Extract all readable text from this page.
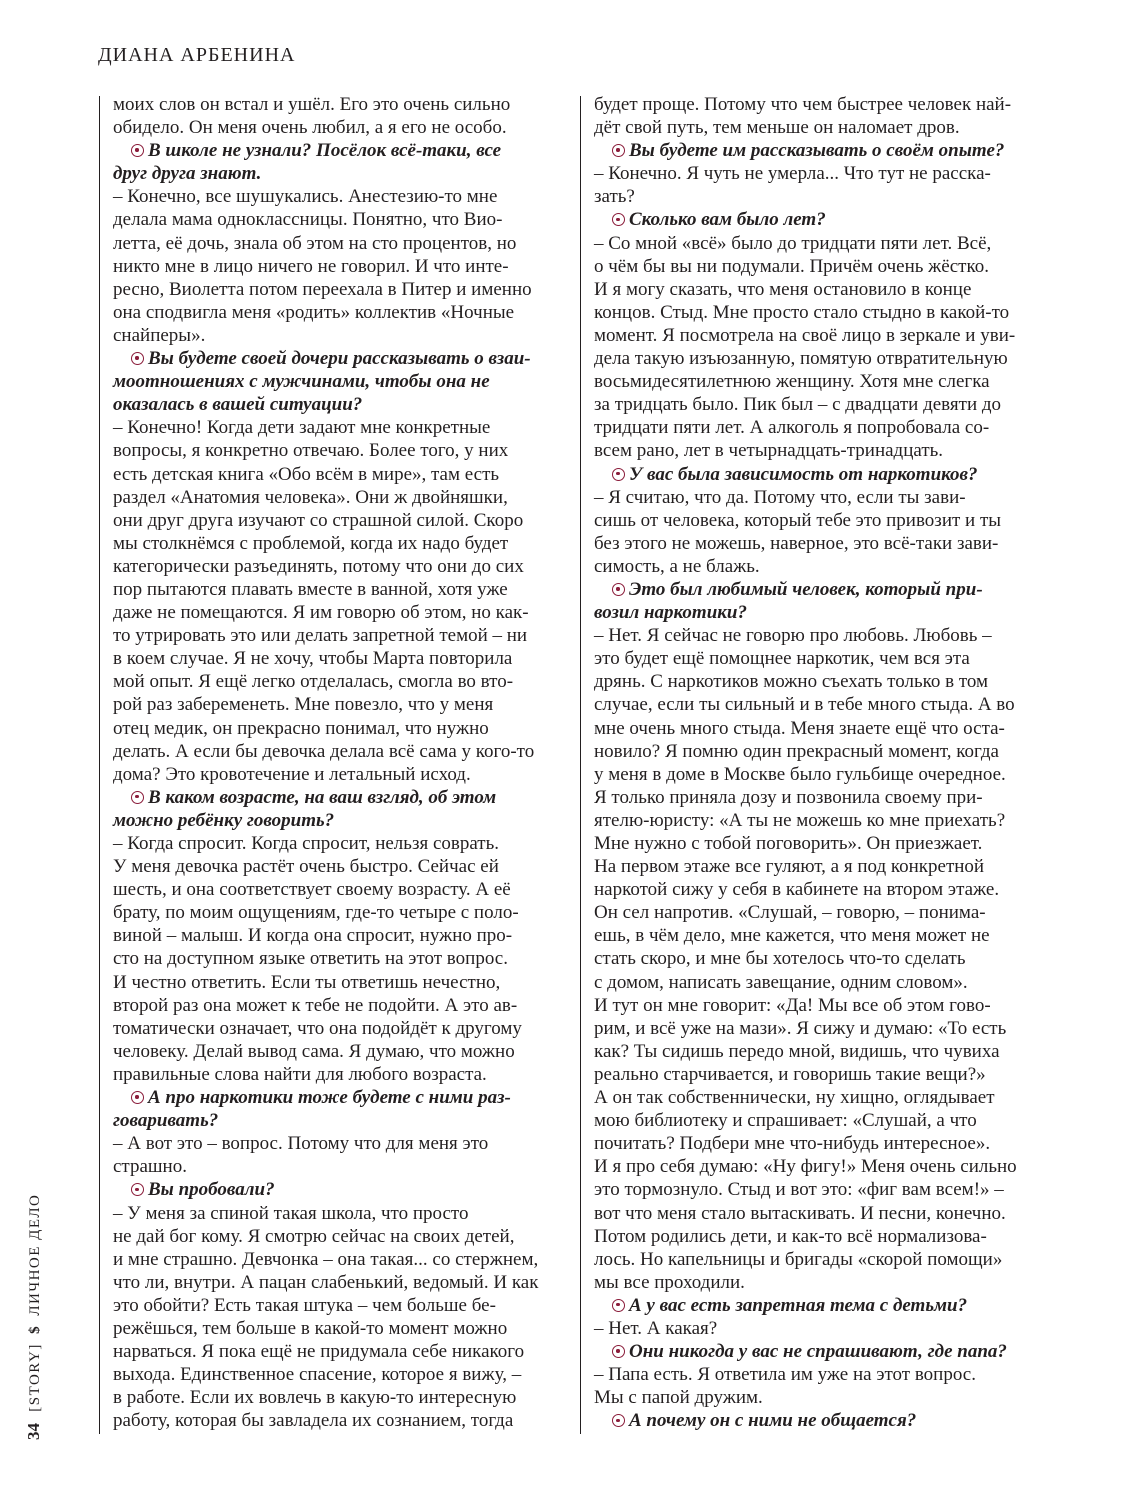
ДИАНА АРБЕНИНА
моих слов он встал и ушёл. Его это очень сильно
обидело. Он меня очень любил, а я его не особо.
В школе не узнали? Посёлок всё-таки, все
друг друга знают.
– Конечно, все шушукались. Анестезию-то мне
делала мама одноклассницы. Понятно, что Вио-
летта, её дочь, знала об этом на сто процентов, но
никто мне в лицо ничего не говорил. И что инте-
ресно, Виолетта потом переехала в Питер и именно
она сподвигла меня «родить» коллектив «Ночные
снайперы».
Вы будете своей дочери рассказывать о взаи-
моотношениях с мужчинами, чтобы она не
оказалась в вашей ситуации?
– Конечно! Когда дети задают мне конкретные
вопросы, я конкретно отвечаю. Более того, у них
есть детская книга «Обо всём в мире», там есть
раздел «Анатомия человека». Они ж двойняшки,
они друг друга изучают со страшной силой. Скоро
мы столкнёмся с проблемой, когда их надо будет
категорически разъединять, потому что они до сих
пор пытаются плавать вместе в ванной, хотя уже
даже не помещаются. Я им говорю об этом, но как-
то утрировать это или делать запретной темой – ни
в коем случае. Я не хочу, чтобы Марта повторила
мой опыт. Я ещё легко отделалась, смогла во вто-
рой раз забеременеть. Мне повезло, что у меня
отец медик, он прекрасно понимал, что нужно
делать. А если бы девочка делала всё сама у кого-то
дома? Это кровотечение и летальный исход.
В каком возрасте, на ваш взгляд, об этом
можно ребёнку говорить?
– Когда спросит. Когда спросит, нельзя соврать.
У меня девочка растёт очень быстро. Сейчас ей
шесть, и она соответствует своему возрасту. А её
брату, по моим ощущениям, где-то четыре с поло-
виной – малыш. И когда она спросит, нужно про-
сто на доступном языке ответить на этот вопрос.
И честно ответить. Если ты ответишь нечестно,
второй раз она может к тебе не подойти. А это ав-
томатически означает, что она подойдёт к другому
человеку. Делай вывод сама. Я думаю, что можно
правильные слова найти для любого возраста.
А про наркотики тоже будете с ними раз-
говаривать?
– А вот это – вопрос. Потому что для меня это
страшно.
Вы пробовали?
– У меня за спиной такая школа, что просто
не дай бог кому. Я смотрю сейчас на своих детей,
и мне страшно. Девчонка – она такая... со стержнем,
что ли, внутри. А пацан слабенький, ведомый. И как
это обойти? Есть такая штука – чем больше бе-
режёшься, тем больше в какой-то момент можно
нарваться. Я пока ещё не придумала себе никакого
выхода. Единственное спасение, которое я вижу, –
в работе. Если их вовлечь в какую-то интересную
работу, которая бы завладела их сознанием, тогда
будет проще. Потому что чем быстрее человек най-
дёт свой путь, тем меньше он наломает дров.
Вы будете им рассказывать о своём опыте?
– Конечно. Я чуть не умерла... Что тут не расска-
зать?
Сколько вам было лет?
– Со мной «всё» было до тридцати пяти лет. Всё,
о чём бы вы ни подумали. Причём очень жёстко.
И я могу сказать, что меня остановило в конце
концов. Стыд. Мне просто стало стыдно в какой-то
момент. Я посмотрела на своё лицо в зеркале и уви-
дела такую изъюзанную, помятую отвратительную
восьмидесятилетнюю женщину. Хотя мне слегка
за тридцать было. Пик был – с двадцати девяти до
тридцати пяти лет. А алкоголь я попробовала со-
всем рано, лет в четырнадцать-тринадцать.
У вас была зависимость от наркотиков?
– Я считаю, что да. Потому что, если ты зави-
сишь от человека, который тебе это привозит и ты
без этого не можешь, наверное, это всё-таки зави-
симость, а не блажь.
Это был любимый человек, который при-
возил наркотики?
– Нет. Я сейчас не говорю про любовь. Любовь –
это будет ещё помощнее наркотик, чем вся эта
дрянь. С наркотиков можно съехать только в том
случае, если ты сильный и в тебе много стыда. А во
мне очень много стыда. Меня знаете ещё что оста-
новило? Я помню один прекрасный момент, когда
у меня в доме в Москве было гульбище очередное.
Я только приняла дозу и позвонила своему при-
ятелю-юристу: «А ты не можешь ко мне приехать?
Мне нужно с тобой поговорить». Он приезжает.
На первом этаже все гуляют, а я под конкретной
наркотой сижу у себя в кабинете на втором этаже.
Он сел напротив. «Слушай, – говорю, – понима-
ешь, в чём дело, мне кажется, что меня может не
стать скоро, и мне бы хотелось что-то сделать
с домом, написать завещание, одним словом».
И тут он мне говорит: «Да! Мы все об этом гово-
рим, и всё уже на мази». Я сижу и думаю: «То есть
как? Ты сидишь передо мной, видишь, что чувиха
реально старчивается, и говоришь такие вещи?»
А он так собственнически, ну хищно, оглядывает
мою библиотеку и спрашивает: «Слушай, а что
почитать? Подбери мне что-нибудь интересное».
И я про себя думаю: «Ну фигу!» Меня очень сильно
это тормознуло. Стыд и вот это: «фиг вам всем!» –
вот что меня стало вытаскивать. И песни, конечно.
Потом родились дети, и как-то всё нормализова-
лось. Но капельницы и бригады «скорой помощи»
мы все проходили.
А у вас есть запретная тема с детьми?
– Нет. А какая?
Они никогда у вас не спрашивают, где папа?
– Папа есть. Я ответила им уже на этот вопрос.
Мы с папой дружим.
А почему он с ними не общается?
34 [STORY] $ ЛИЧНОЕ ДЕЛО
